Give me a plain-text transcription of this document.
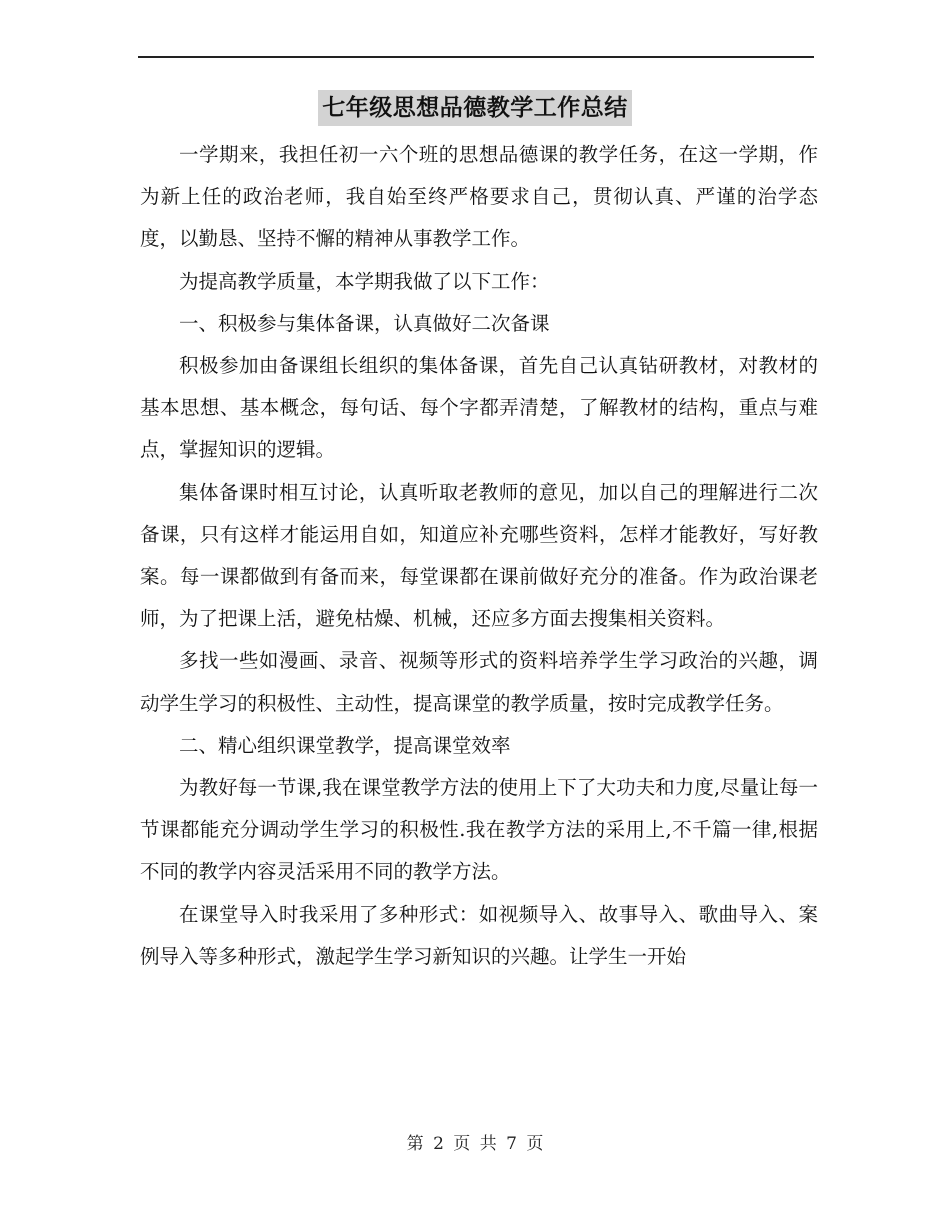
七年级思想品德教学工作总结

一学期来，我担任初一六个班的思想品德课的教学任务，在这一学期，作为新上任的政治老师，我自始至终严格要求自己，贯彻认真、严谨的治学态度，以勤恳、坚持不懈的精神从事教学工作。

为提高教学质量，本学期我做了以下工作：

一、积极参与集体备课，认真做好二次备课

积极参加由备课组长组织的集体备课，首先自己认真钻研教材，对教材的基本思想、基本概念，每句话、每个字都弄清楚，了解教材的结构，重点与难点，掌握知识的逻辑。

集体备课时相互讨论，认真听取老教师的意见，加以自己的理解进行二次备课，只有这样才能运用自如，知道应补充哪些资料，怎样才能教好，写好教案。每一课都做到有备而来，每堂课都在课前做好充分的准备。作为政治课老师，为了把课上活，避免枯燥、机械，还应多方面去搜集相关资料。

多找一些如漫画、录音、视频等形式的资料培养学生学习政治的兴趣，调动学生学习的积极性、主动性，提高课堂的教学质量，按时完成教学任务。

二、精心组织课堂教学，提高课堂效率

为教好每一节课,我在课堂教学方法的使用上下了大功夫和力度,尽量让每一节课都能充分调动学生学习的积极性.我在教学方法的采用上,不千篇一律,根据不同的教学内容灵活采用不同的教学方法。

在课堂导入时我采用了多种形式：如视频导入、故事导入、歌曲导入、案例导入等多种形式，激起学生学习新知识的兴趣。让学生一开始

第 2 页 共 7 页
